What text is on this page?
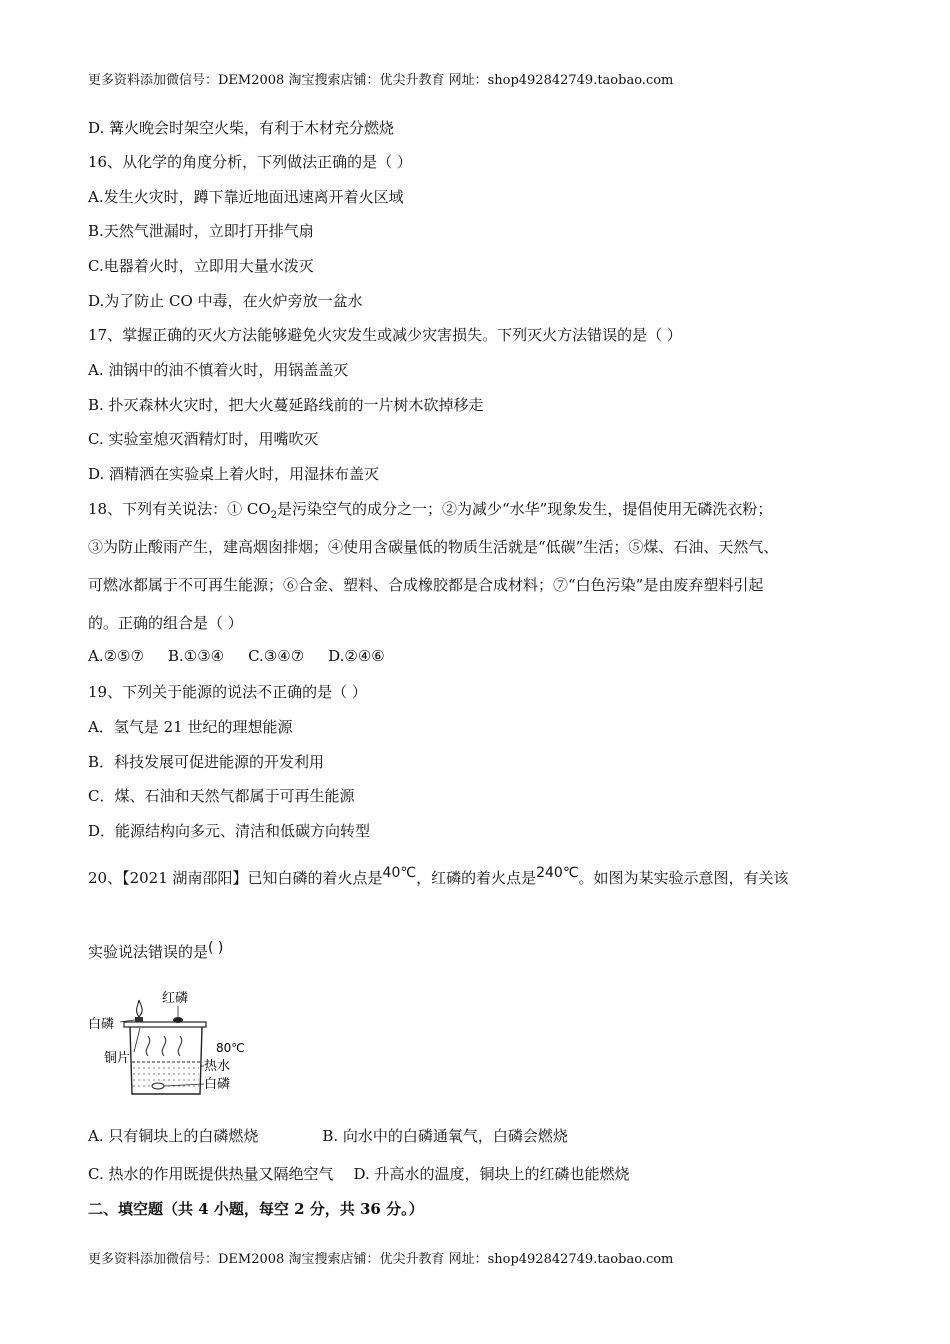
更多资料添加微信号：DEM2008 淘宝搜索店铺：优尖升教育 网址：shop492842749.taobao.com
D. 篝火晚会时架空火柴，有利于木材充分燃烧
16、从化学的角度分析，下列做法正确的是（ ）
A.发生火灾时，蹲下靠近地面迅速离开着火区域
B.天然气泄漏时，立即打开排气扇
C.电器着火时，立即用大量水泼灭
D.为了防止 CO 中毒，在火炉旁放一盆水
17、掌握正确的灭火方法能够避免火灾发生或减少灾害损失。下列灭火方法错误的是（ ）
A. 油锅中的油不慎着火时，用锅盖盖灭
B. 扑灭森林火灾时，把大火蔓延路线前的一片树木砍掉移走
C. 实验室熄灭酒精灯时，用嘴吹灭
D. 酒精洒在实验桌上着火时，用湿抹布盖灭
18、下列有关说法：① $CO_2$是污染空气的成分之一；②为减少“水华”现象发生，提倡使用无磷洗衣粉；
③为防止酸雨产生，建高烟囱排烟；④使用含碳量低的物质生活就是“低碳”生活；⑤煤、石油、天然气、
可燃冰都属于不可再生能源；⑥合金、塑料、合成橡胶都是合成材料；⑦“白色污染”是由废弃塑料引起
的。正确的组合是（ ）
A.②⑤⑦ B.①③④ C.③④⑦ D.②④⑥
19、下列关于能源的说法不正确的是（ ）
A．氢气是 21 世纪的理想能源
B．科技发展可促进能源的开发利用
C．煤、石油和天然气都属于可再生能源
D．能源结构向多元、清洁和低碳方向转型
20、【2021 湖南邵阳】已知白磷的着火点是40℃，红磷的着火点是240℃。如图为某实验示意图，有关该
实验说法错误的是( )
红磷
白磷
铜片
80℃
热水
白磷
A. 只有铜块上的白磷燃烧	B. 向水中的白磷通氧气，白磷会燃烧
C. 热水的作用既提供热量又隔绝空气 D. 升高水的温度，铜块上的红磷也能燃烧
二、填空题（共 4 小题，每空 2 分，共 36 分。）
更多资料添加微信号：DEM2008 淘宝搜索店铺：优尖升教育 网址：shop492842749.taobao.com
